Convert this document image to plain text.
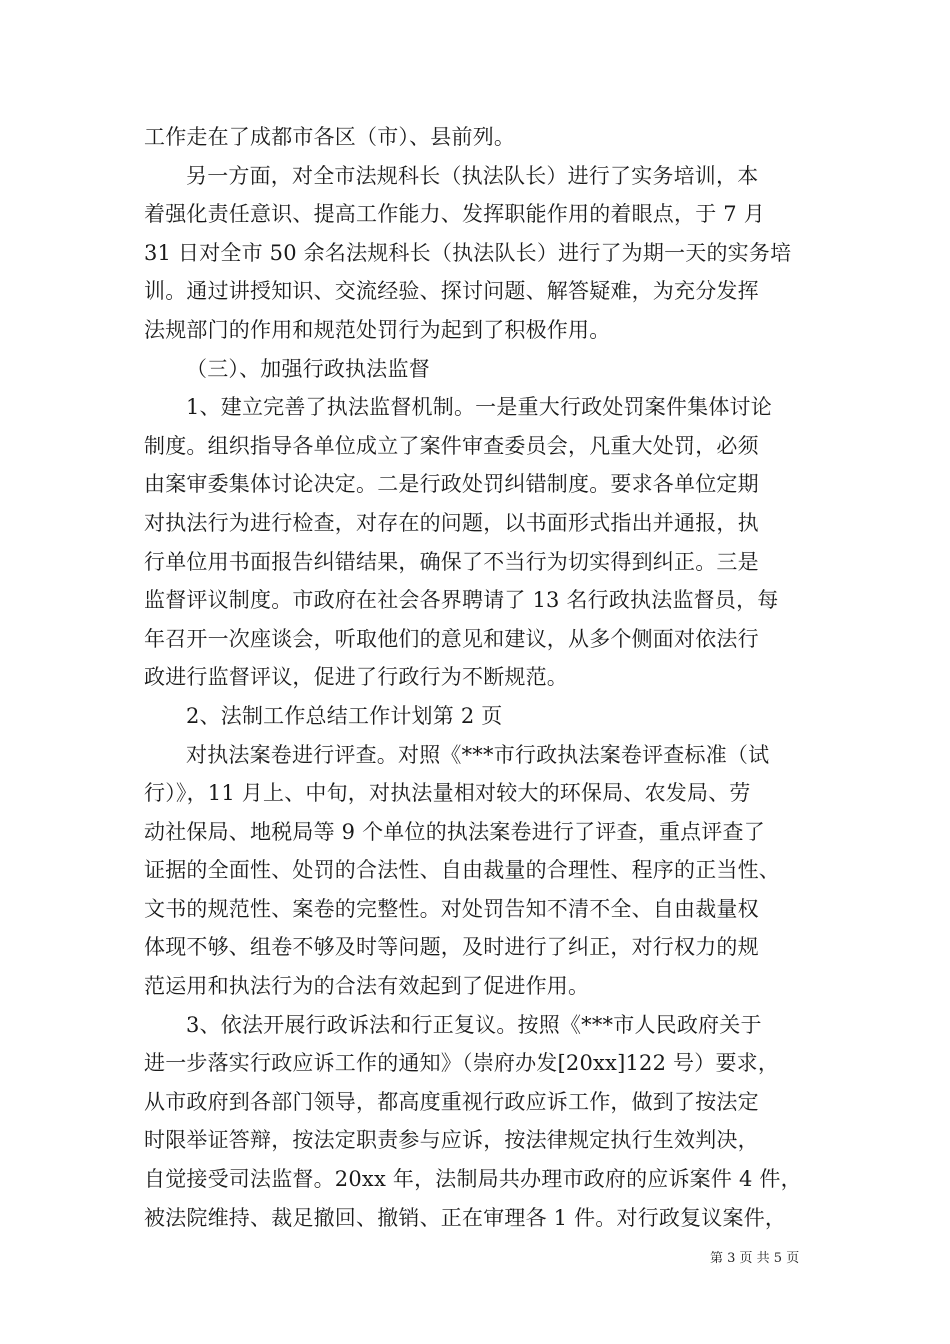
工作走在了成都市各区（市）、县前列。
另一方面，对全市法规科长（执法队长）进行了实务培训，本
着强化责任意识、提高工作能力、发挥职能作用的着眼点，于 7 月
31 日对全市 50 余名法规科长（执法队长）进行了为期一天的实务培
训。通过讲授知识、交流经验、探讨问题、解答疑难，为充分发挥
法规部门的作用和规范处罚行为起到了积极作用。
（三）、加强行政执法监督
1、建立完善了执法监督机制。一是重大行政处罚案件集体讨论
制度。组织指导各单位成立了案件审查委员会，凡重大处罚，必须
由案审委集体讨论决定。二是行政处罚纠错制度。要求各单位定期
对执法行为进行检查，对存在的问题，以书面形式指出并通报，执
行单位用书面报告纠错结果，确保了不当行为切实得到纠正。三是
监督评议制度。市政府在社会各界聘请了 13 名行政执法监督员，每
年召开一次座谈会，听取他们的意见和建议，从多个侧面对依法行
政进行监督评议，促进了行政行为不断规范。
2、法制工作总结工作计划第 2 页
对执法案卷进行评查。对照《***市行政执法案卷评查标准（试
行）》，11 月上、中旬，对执法量相对较大的环保局、农发局、劳
动社保局、地税局等 9 个单位的执法案卷进行了评查，重点评查了
证据的全面性、处罚的合法性、自由裁量的合理性、程序的正当性、
文书的规范性、案卷的完整性。对处罚告知不清不全、自由裁量权
体现不够、组卷不够及时等问题，及时进行了纠正，对行权力的规
范运用和执法行为的合法有效起到了促进作用。
3、依法开展行政诉法和行正复议。按照《***市人民政府关于
进一步落实行政应诉工作的通知》（崇府办发[20xx]122 号）要求，
从市政府到各部门领导，都高度重视行政应诉工作，做到了按法定
时限举证答辩，按法定职责参与应诉，按法律规定执行生效判决，
自觉接受司法监督。20xx 年，法制局共办理市政府的应诉案件 4 件，
被法院维持、裁足撤回、撤销、正在审理各 1 件。对行政复议案件，
第 3 页 共 5 页
